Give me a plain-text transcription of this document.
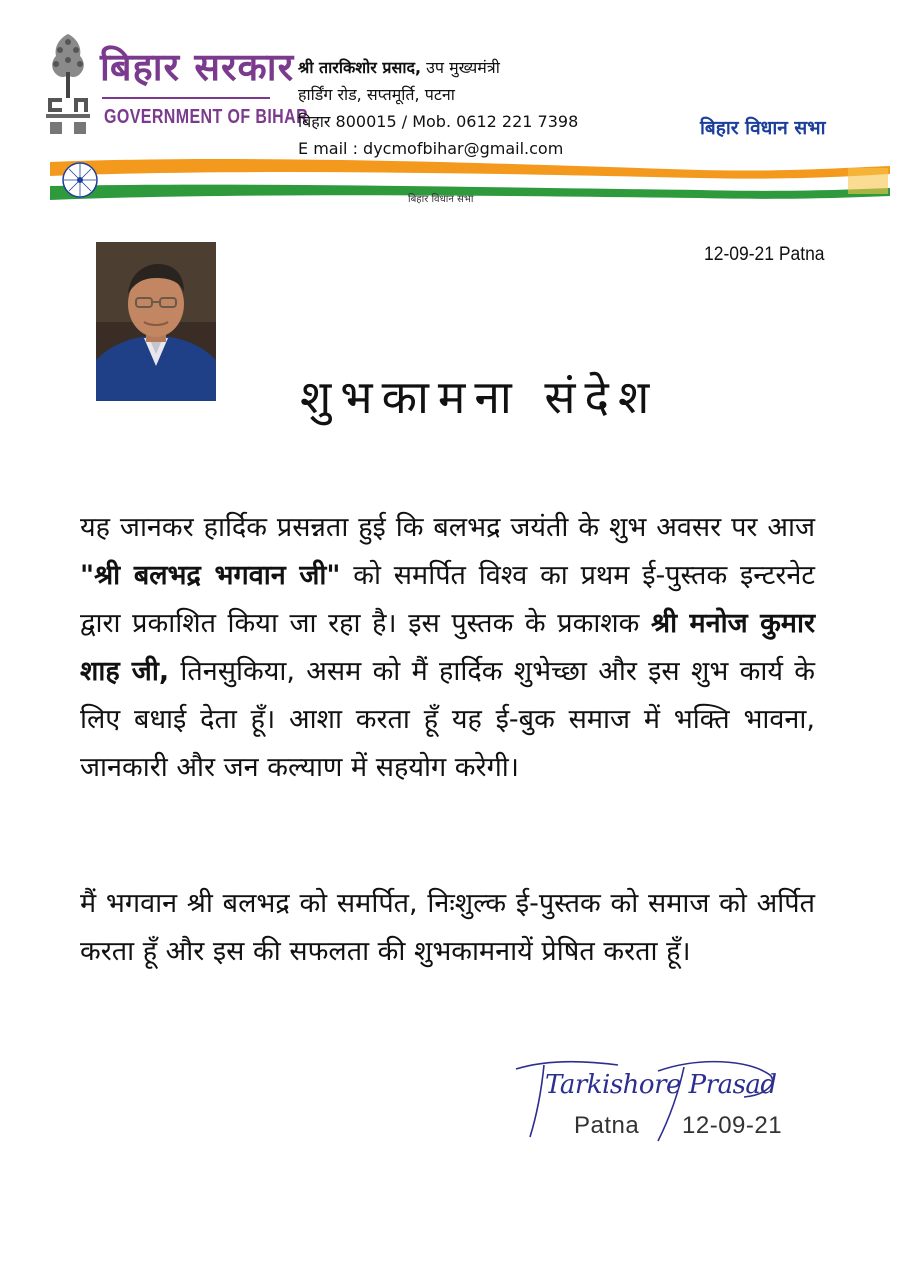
बिहार सरकार
GOVERNMENT OF BIHAR
श्री तारकिशोर प्रसाद, उप मुख्यमंत्री
हार्डिंग रोड, सप्तमूर्ति, पटना
बिहार 800015 / Mob. 0612 221 7398
E mail : dycmofbihar@gmail.com
बिहार विधान सभा
बिहार विधान सभा
12-09-21 Patna
शुभकामना संदेश
यह जानकर हार्दिक प्रसन्नता हुई कि बलभद्र जयंती के शुभ अवसर पर आज "श्री बलभद्र भगवान जी" को समर्पित विश्व का प्रथम ई-पुस्तक इन्टरनेट द्वारा प्रकाशित किया जा रहा है। इस पुस्तक के प्रकाशक श्री मनोज कुमार शाह जी, तिनसुकिया, असम को मैं हार्दिक शुभेच्छा और इस शुभ कार्य के लिए बधाई देता हूँ। आशा करता हूँ यह ई-बुक समाज में भक्ति भावना, जानकारी और जन कल्याण में सहयोग करेगी।
मैं भगवान श्री बलभद्र को समर्पित, निःशुल्क ई-पुस्तक को समाज को अर्पित करता हूँ और इस की सफलता की शुभकामनायें प्रेषित करता हूँ।
Tarkishore Prasad
Patna 12-09-21
